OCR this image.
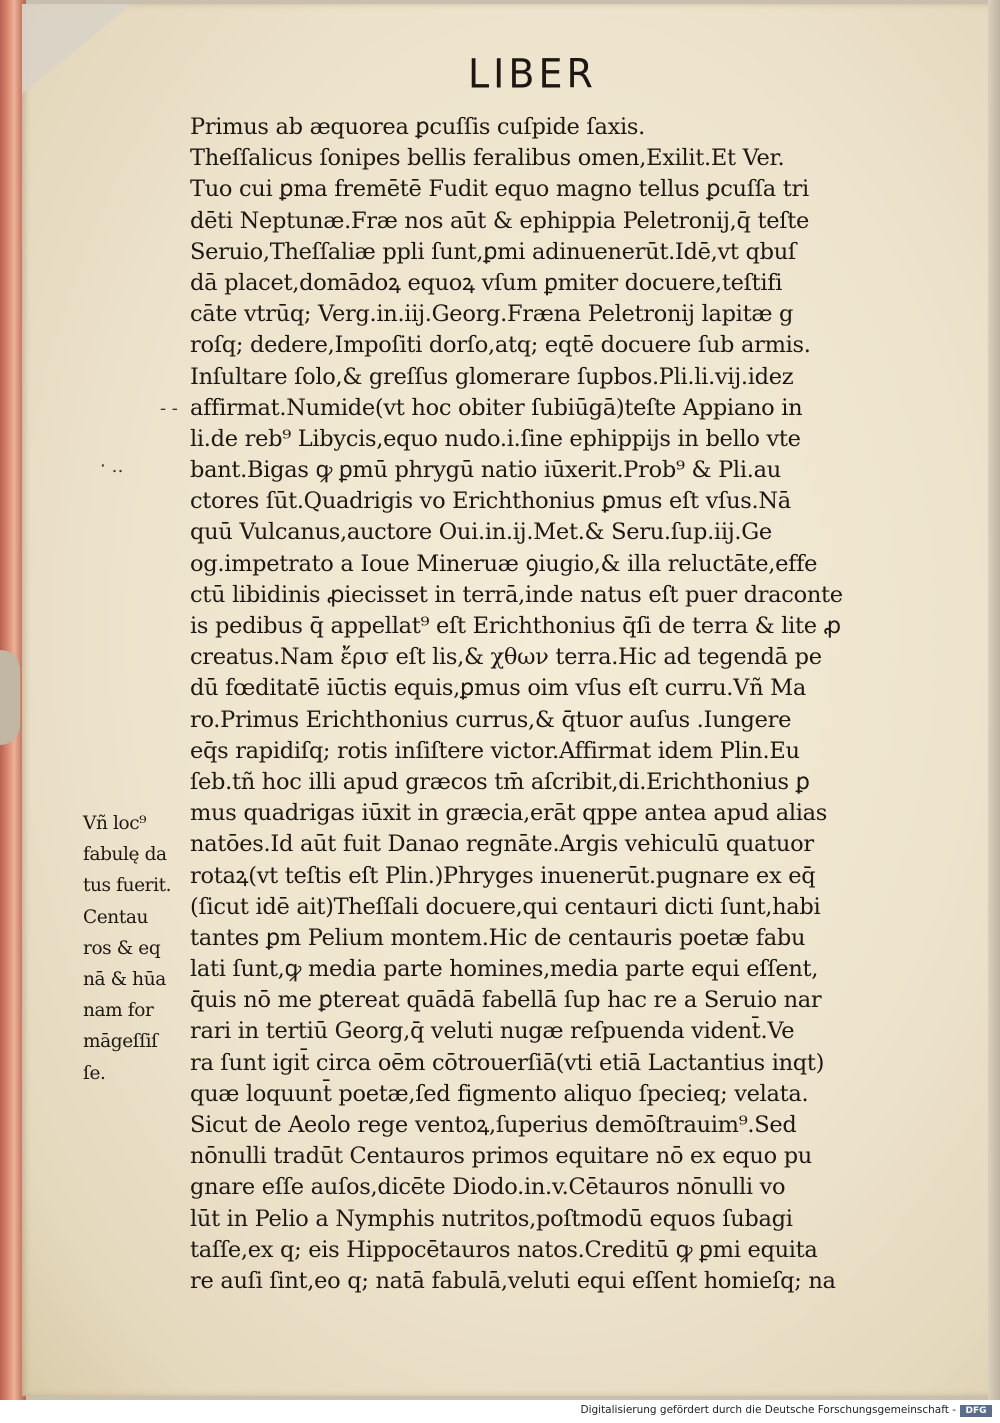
LIBER
Primus ab æquorea ꝑcuſſis cuſpide ſaxis.
Theſſalicus ſonipes bellis feralibus omen,Exilit.Et Ver.
Tuo cui ꝑma fremētē Fudit equo magno tellus ꝑcuſſa tri
dēti Neptunæ.Fræ nos aūt & ephippia Peletronij,q̄ teſte
Seruio,Theſſaliæ ppli ſunt,ꝑmi adinuenerūt.Idē,vt qbuſ
dā placet,domādoꝝ equoꝝ vſum ꝑmiter docuere,teſtifi
cāte vtrūq; Verg.in.iij.Georg.Fræna Peletronij lapitæ g
roſq; dedere,Impoſiti dorſo,atq; eqtē docuere ſub armis.
Inſultare ſolo,& greſſus glomerare ſupbos.Pli.li.vij.idez
affirmat.Numide(vt hoc obiter ſubiūgā)teſte Appiano in
li.de reb⁹ Libycis,equo nudo.i.ſine ephippijs in bello vte
bant.Bigas ꝙ ꝑmū phrygū natio iūxerit.Prob⁹ & Pli.au
ctores ſūt.Quadrigis vo Erichthonius ꝑmus eſt vſus.Nā
quū Vulcanus,auctore Oui.in.ij.Met.& Seru.ſup.iij.Ge
og.impetrato a Ioue Mineruæ ꝯiugio,& illa reluctāte,effe
ctū libidinis ꝓiecisset in terrā,inde natus eſt puer draconte
is pedibus q̄ appellat⁹ eſt Erichthonius q̄ſi de terra & lite ꝓ
creatus.Nam ἔρισ eſt lis,& χθων terra.Hic ad tegendā pe
dū fœditatē iūctis equis,ꝑmus oim vſus eſt curru.Vñ Ma
ro.Primus Erichthonius currus,& q̄tuor auſus .Iungere
eq̄s rapidiſq; rotis inſiſtere victor.Affirmat idem Plin.Eu
ſeb.tñ hoc illi apud græcos tm̄ aſcribit,di.Erichthonius ꝑ
mus quadrigas iūxit in græcia,erāt qppe antea apud alias
natōes.Id aūt fuit Danao regnāte.Argis vehiculū quatuor
rotaꝝ(vt teſtis eſt Plin.)Phryges inuenerūt.pugnare ex eq̄
(ſicut idē ait)Theſſali docuere,qui centauri dicti ſunt,habi
tantes ꝑm Pelium montem.Hic de centauris poetæ fabu
lati ſunt,ꝙ media parte homines,media parte equi eſſent,
q̄uis nō me ꝑtereat quādā fabellā ſup hac re a Seruio nar
rari in tertiū Georg,q̄ veluti nugæ reſpuenda vident̄.Ve
ra ſunt igit̄ circa oēm cōtrouerſiā(vti etiā Lactantius inqt)
quæ loquunt̄ poetæ,ſed figmento aliquo ſpecieq; velata.
Sicut de Aeolo rege ventoꝝ,ſuperius demōſtrauim⁹.Sed
nōnulli tradūt Centauros primos equitare nō ex equo pu
gnare eſſe auſos,dicēte Diodo.in.v.Cētauros nōnulli vo
lūt in Pelio a Nymphis nutritos,poſtmodū equos ſubagi
taſſe,ex q; eis Hippocētauros natos.Creditū ꝙ ꝑmi equita
re auſi ſint,eo q; natā fabulā,veluti equi eſſent homieſq; na
Vñ loc⁹
fabulę da
tus fuerit.
Centau
ros & eq
nā & hūa
nam for
māgeſſiſ
ſe.
- -
‧ ‥
Digitalisierung gefördert durch die Deutsche Forschungsgemeinschaft -	DFG
